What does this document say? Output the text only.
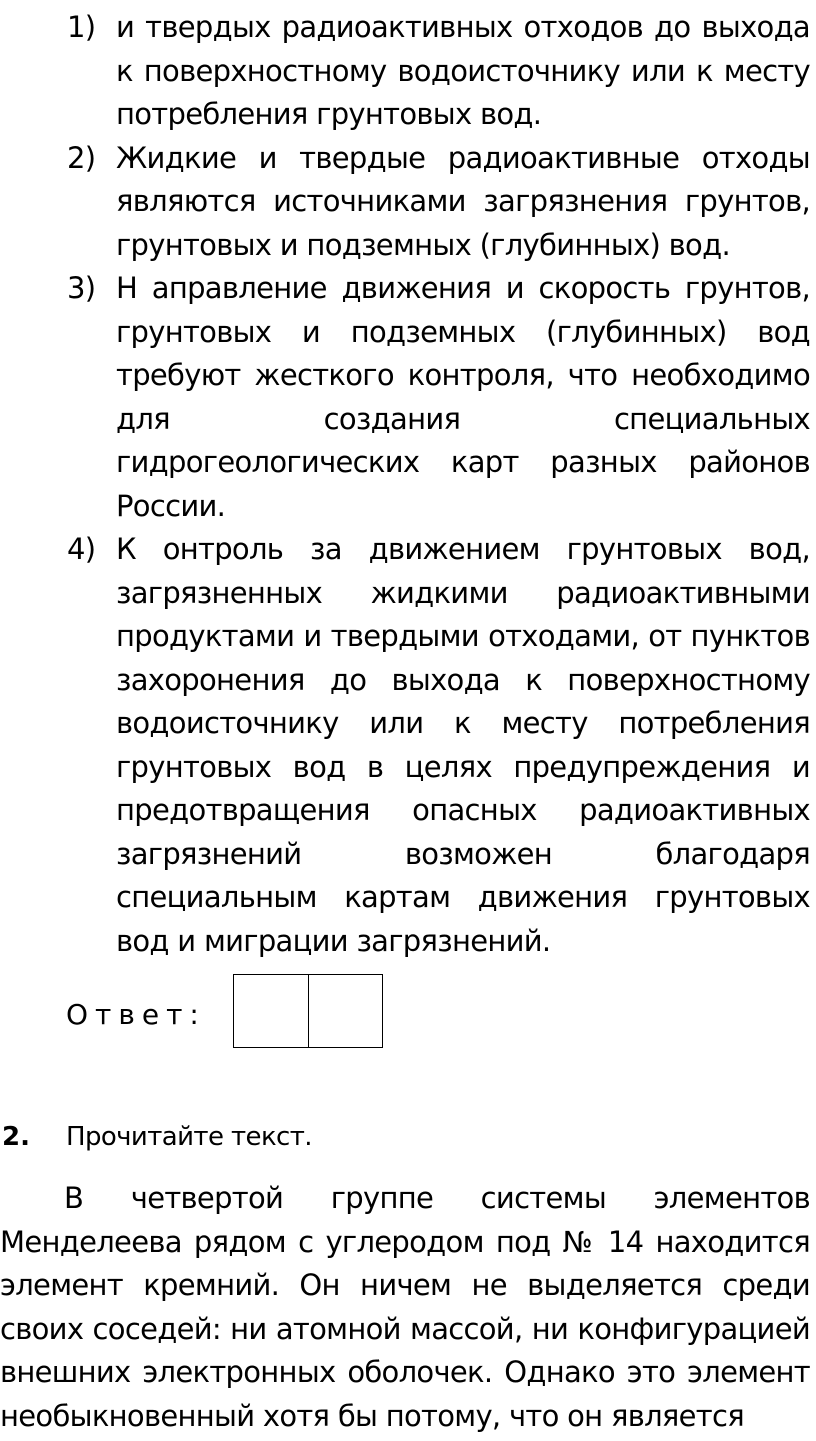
1) и твердых радиоактивных отходов до выхода к поверхностному водоисточнику или к месту потребления грунтовых вод.
2) Жидкие и твердые радиоактивные отходы являются источниками загрязнения грунтов, грунтовых и подземных (глубинных) вод.
3) Н аправление движения и скорость грунтов, грунтовых и подземных (глубинных) вод требуют жесткого контроля, что необходимо для создания специальных гидрогеологических карт разных районов России.
4) К онтроль за движением грунтовых вод, загрязненных жидкими радиоактивными продуктами и твердыми отходами, от пунктов захоронения до выхода к поверхностному водоисточнику или к месту потребления грунтовых вод в целях предупреждения и предотвращения опасных радиоактивных загрязнений возможен благодаря специальным картам движения грунтовых вод и миграции загрязнений.
Ответ:
2. Прочитайте текст.
В четвертой группе системы элементов Менделеева рядом с углеродом под № 14 находится элемент кремний. Он ничем не выделяется среди своих соседей: ни атомной массой, ни конфигурацией внешних электронных оболочек. Однако это элемент необыкновенный хотя бы потому, что он является
